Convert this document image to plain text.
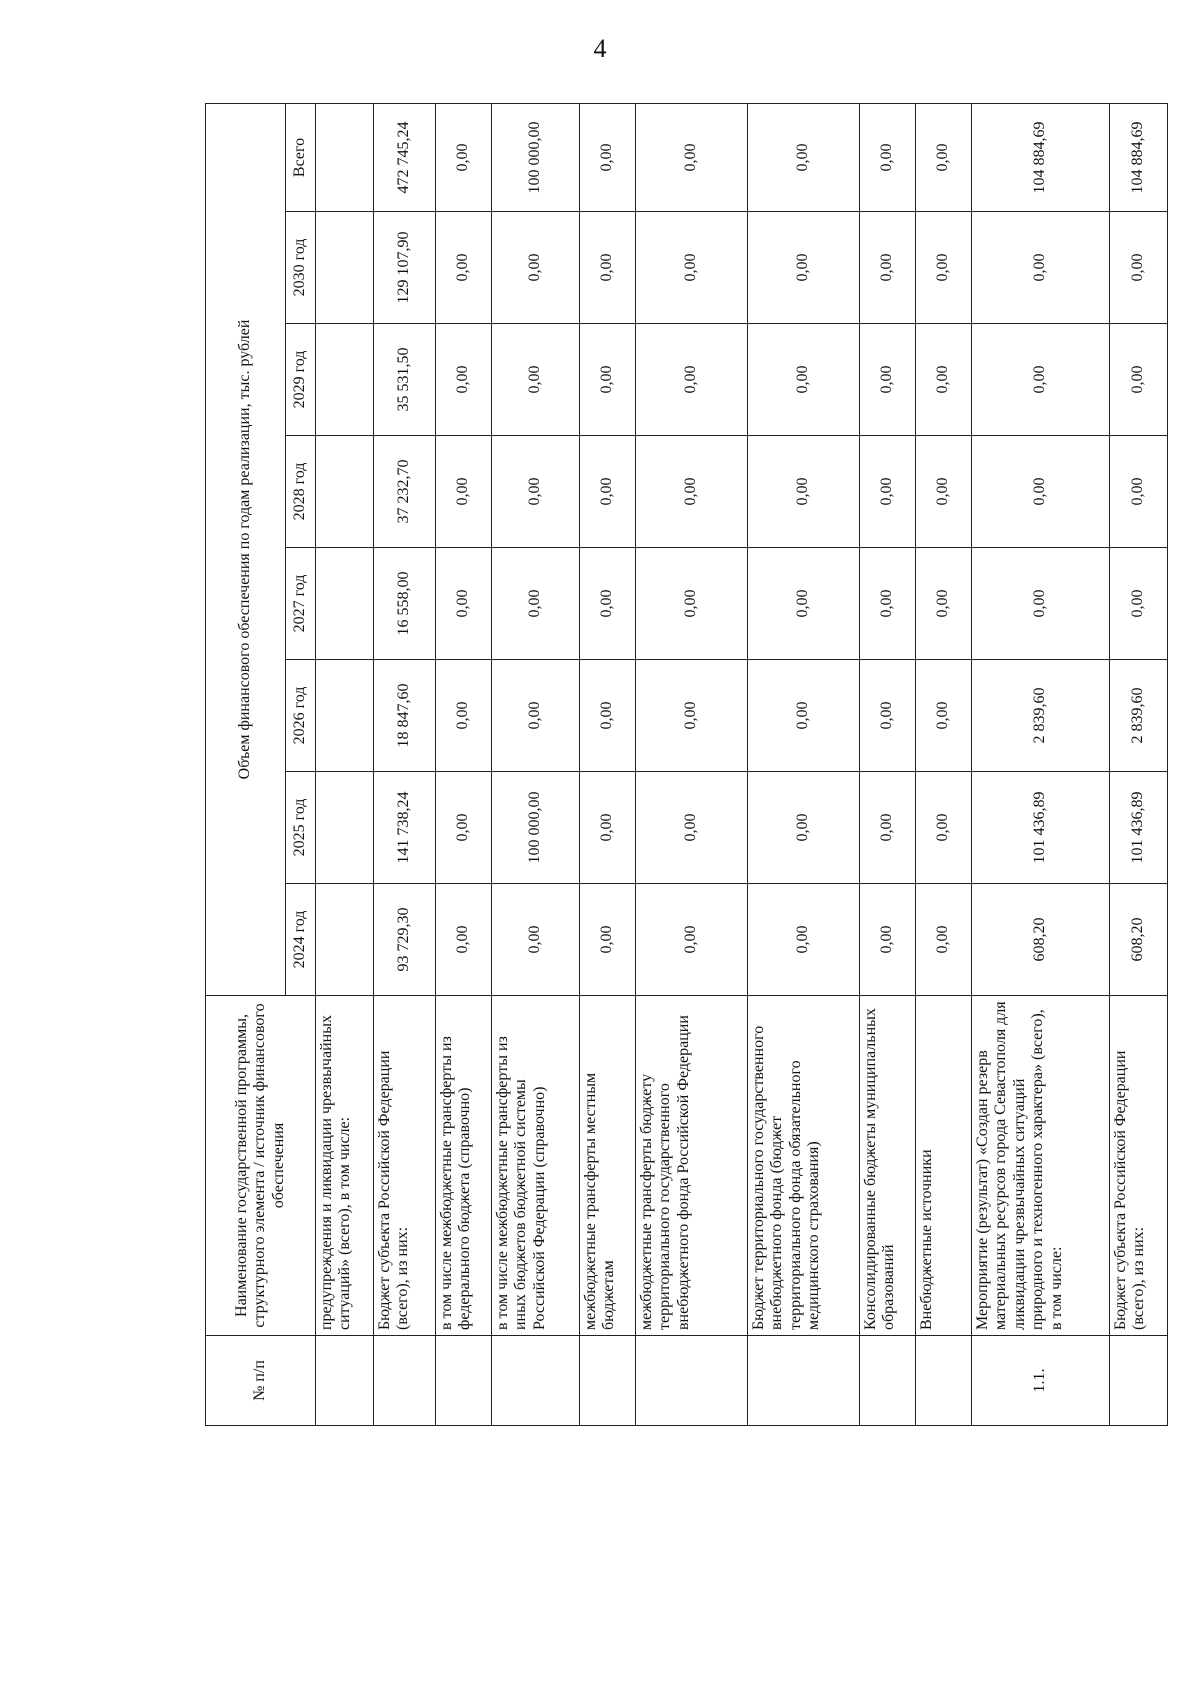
4
№ п/п	Наименование государственной программы, структурного элемента / источник финансового обеспечения	Объем финансового обеспечения по годам реализации, тыс. рублей							
		2024 год	2025 год	2026 год	2027 год	2028 год	2029 год	2030 год	Всего
	предупреждения и ликвидации чрезвычайных ситуаций» (всего), в том числе:								
	Бюджет субъекта Российской Федерации (всего), из них:	93 729,30	141 738,24	18 847,60	16 558,00	37 232,70	35 531,50	129 107,90	472 745,24
	в том числе межбюджетные трансферты из федерального бюджета (справочно)	0,00	0,00	0,00	0,00	0,00	0,00	0,00	0,00
	в том числе межбюджетные трансферты из иных бюджетов бюджетной системы Российской Федерации (справочно)	0,00	100 000,00	0,00	0,00	0,00	0,00	0,00	100 000,00
	межбюджетные трансферты местным бюджетам	0,00	0,00	0,00	0,00	0,00	0,00	0,00	0,00
	межбюджетные трансферты бюджету территориального государственного внебюджетного фонда Российской Федерации	0,00	0,00	0,00	0,00	0,00	0,00	0,00	0,00
	Бюджет территориального государственного внебюджетного фонда (бюджет территориального фонда обязательного медицинского страхования)	0,00	0,00	0,00	0,00	0,00	0,00	0,00	0,00
	Консолидированные бюджеты муниципальных образований	0,00	0,00	0,00	0,00	0,00	0,00	0,00	0,00
	Внебюджетные источники	0,00	0,00	0,00	0,00	0,00	0,00	0,00	0,00
1.1.	Мероприятие (результат) «Создан резерв материальных ресурсов города Севастополя для ликвидации чрезвычайных ситуаций природного и техногенного характера» (всего), в том числе:	608,20	101 436,89	2 839,60	0,00	0,00	0,00	0,00	104 884,69
	Бюджет субъекта Российской Федерации (всего), из них:	608,20	101 436,89	2 839,60	0,00	0,00	0,00	0,00	104 884,69
